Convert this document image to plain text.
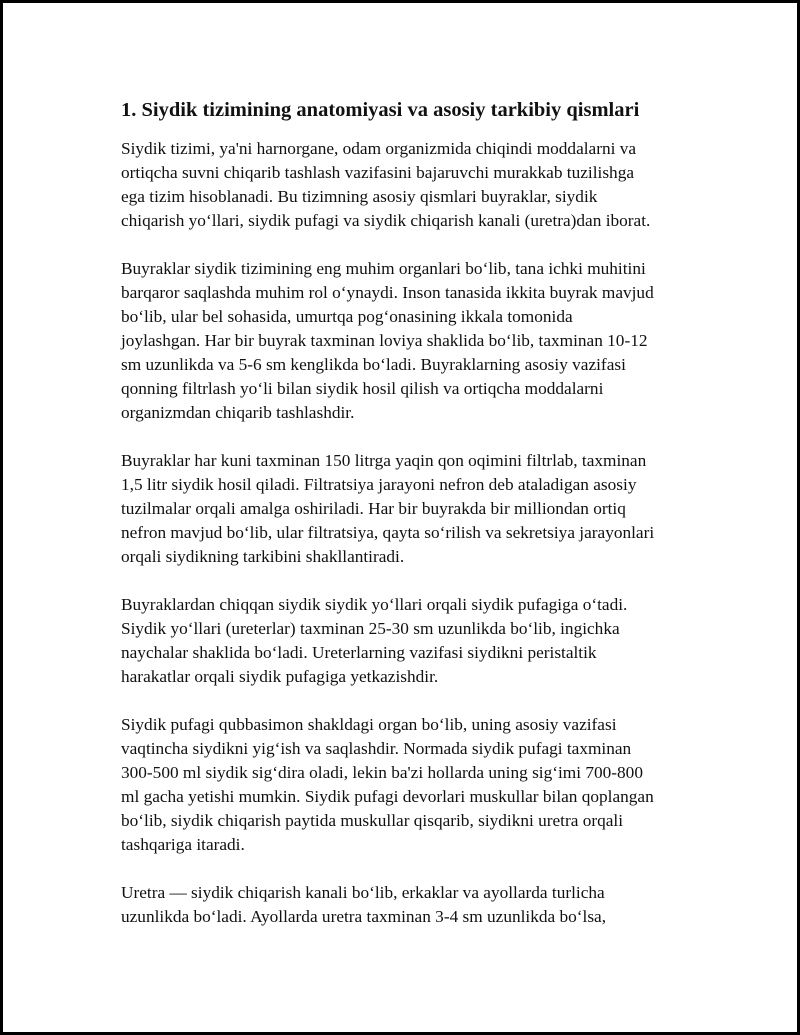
1. Siydik tizimining anatomiyasi va asosiy tarkibiy qismlari

Siydik tizimi, ya'ni harnorgane, odam organizmida chiqindi moddalarni va
ortiqcha suvni chiqarib tashlash vazifasini bajaruvchi murakkab tuzilishga
ega tizim hisoblanadi. Bu tizimning asosiy qismlari buyraklar, siydik
chiqarish yo‘llari, siydik pufagi va siydik chiqarish kanali (uretra)dan iborat.

Buyraklar siydik tizimining eng muhim organlari bo‘lib, tana ichki muhitini
barqaror saqlashda muhim rol o‘ynaydi. Inson tanasida ikkita buyrak mavjud
bo‘lib, ular bel sohasida, umurtqa pog‘onasining ikkala tomonida
joylashgan. Har bir buyrak taxminan loviya shaklida bo‘lib, taxminan 10-12
sm uzunlikda va 5-6 sm kenglikda bo‘ladi. Buyraklarning asosiy vazifasi
qonning filtrlash yo‘li bilan siydik hosil qilish va ortiqcha moddalarni
organizmdan chiqarib tashlashdir.

Buyraklar har kuni taxminan 150 litrga yaqin qon oqimini filtrlab, taxminan
1,5 litr siydik hosil qiladi. Filtratsiya jarayoni nefron deb ataladigan asosiy
tuzilmalar orqali amalga oshiriladi. Har bir buyrakda bir milliondan ortiq
nefron mavjud bo‘lib, ular filtratsiya, qayta so‘rilish va sekretsiya jarayonlari
orqali siydikning tarkibini shakllantiradi.

Buyraklardan chiqqan siydik siydik yo‘llari orqali siydik pufagiga o‘tadi.
Siydik yo‘llari (ureterlar) taxminan 25-30 sm uzunlikda bo‘lib, ingichka
naychalar shaklida bo‘ladi. Ureterlarning vazifasi siydikni peristaltik
harakatlar orqali siydik pufagiga yetkazishdir.

Siydik pufagi qubbasimon shakldagi organ bo‘lib, uning asosiy vazifasi
vaqtincha siydikni yig‘ish va saqlashdir. Normada siydik pufagi taxminan
300-500 ml siydik sig‘dira oladi, lekin ba'zi hollarda uning sig‘imi 700-800
ml gacha yetishi mumkin. Siydik pufagi devorlari muskullar bilan qoplangan
bo‘lib, siydik chiqarish paytida muskullar qisqarib, siydikni uretra orqali
tashqariga itaradi.

Uretra — siydik chiqarish kanali bo‘lib, erkaklar va ayollarda turlicha
uzunlikda bo‘ladi. Ayollarda uretra taxminan 3-4 sm uzunlikda bo‘lsa,
